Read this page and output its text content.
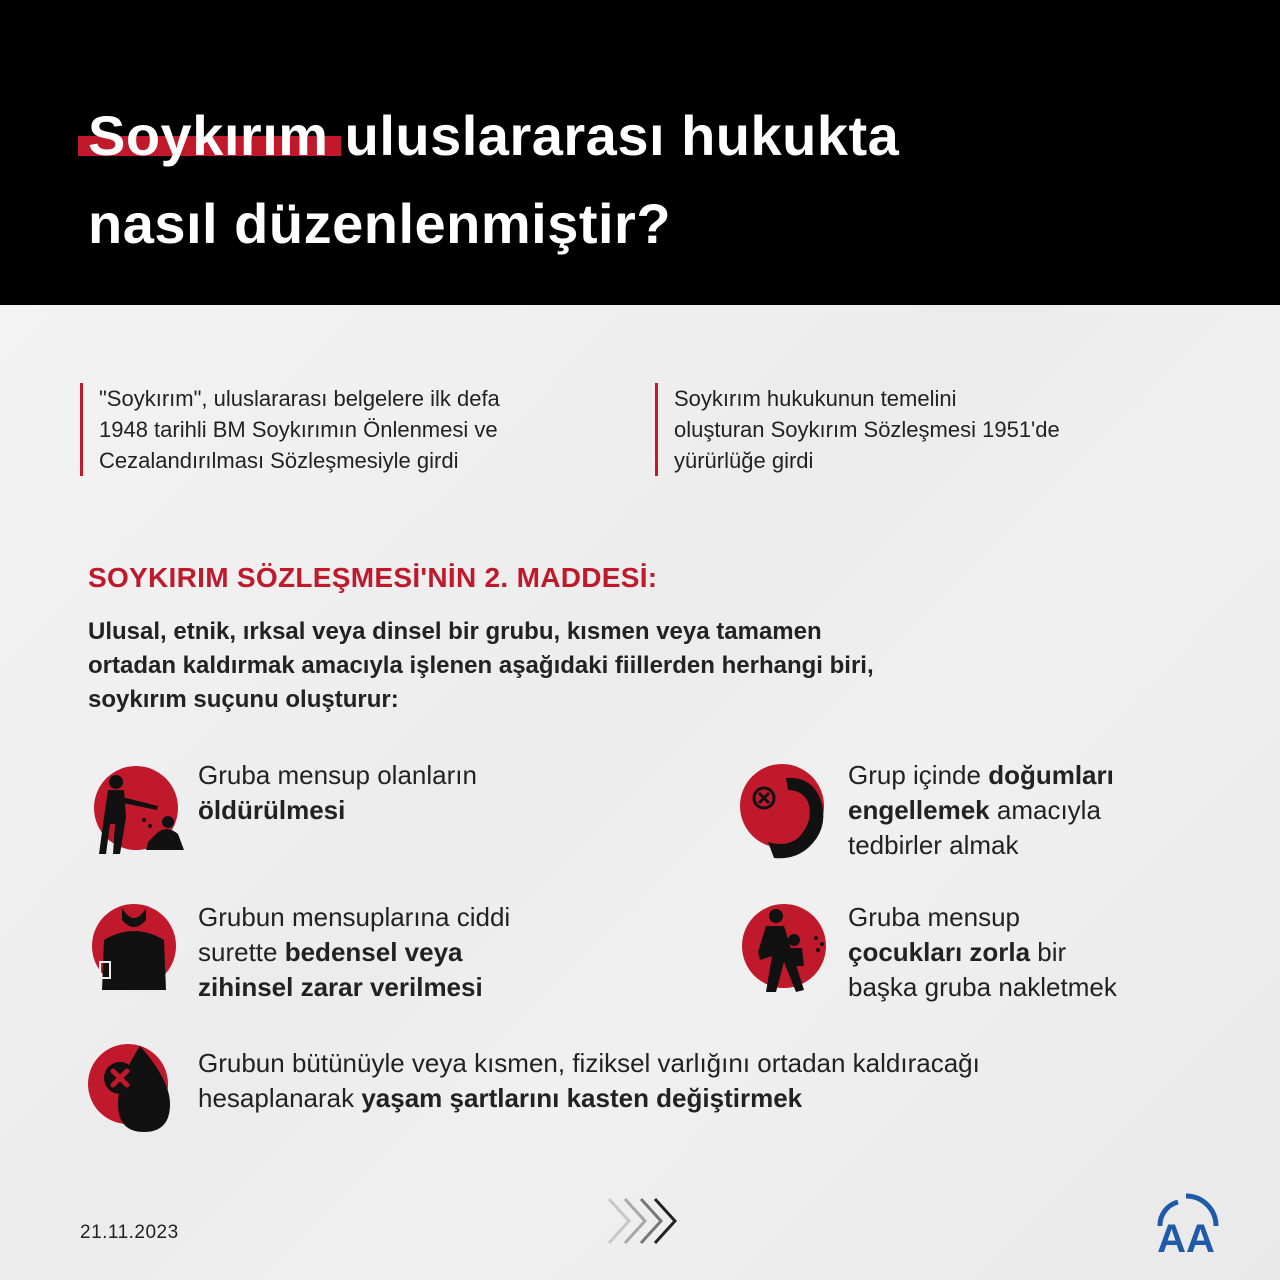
Soykırım uluslararası hukukta
nasıl düzenlenmiştir?
"Soykırım", uluslararası belgelere ilk defa
1948 tarihli BM Soykırımın Önlenmesi ve
Cezalandırılması Sözleşmesiyle girdi
Soykırım hukukunun temelini
oluşturan Soykırım Sözleşmesi 1951'de
yürürlüğe girdi
SOYKIRIM SÖZLEŞMESİ'NİN 2. MADDESİ:
Ulusal, etnik, ırksal veya dinsel bir grubu, kısmen veya tamamen
ortadan kaldırmak amacıyla işlenen aşağıdaki fiillerden herhangi biri,
soykırım suçunu oluşturur:
Gruba mensup olanların
öldürülmesi
Grubun mensuplarına ciddi
surette bedensel veya
zihinsel zarar verilmesi
Grubun bütünüyle veya kısmen, fiziksel varlığını ortadan kaldıracağı
hesaplanarak yaşam şartlarını kasten değiştirmek
Grup içinde doğumları
engellemek amacıyla
tedbirler almak
Gruba mensup
çocukları zorla bir
başka gruba nakletmek
21.11.2023	AA
